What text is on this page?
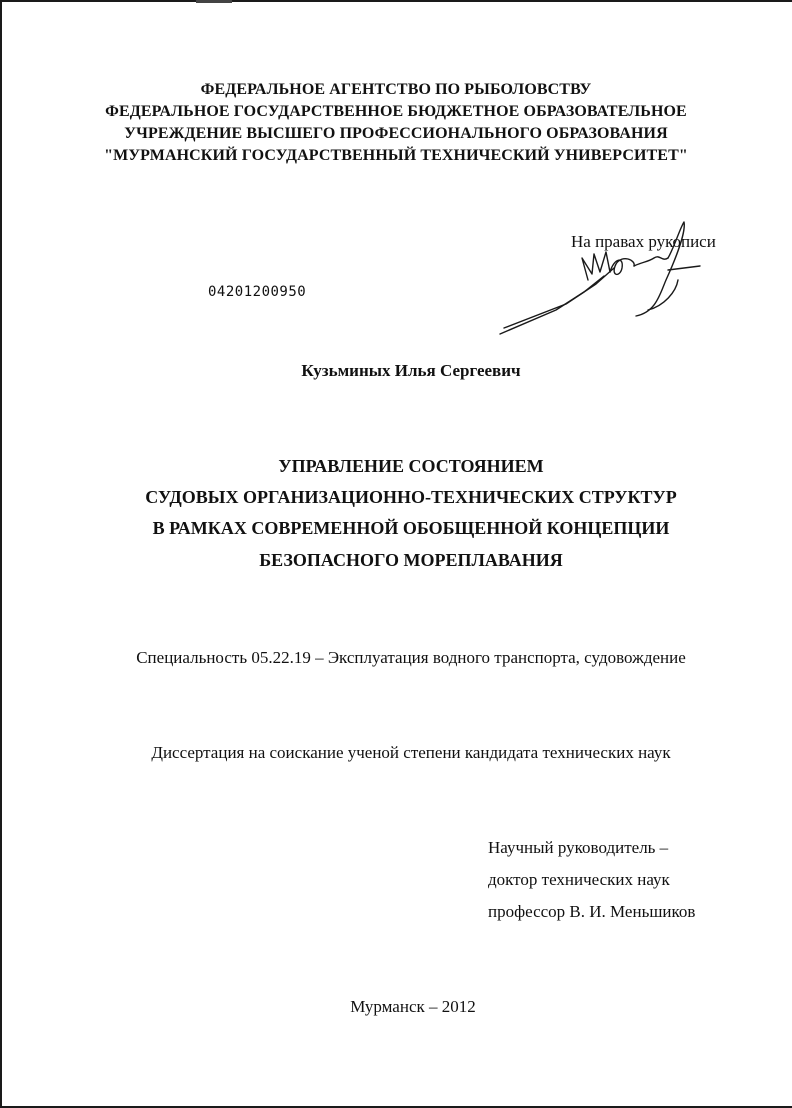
ФЕДЕРАЛЬНОЕ АГЕНТСТВО ПО РЫБОЛОВСТВУ
ФЕДЕРАЛЬНОЕ ГОСУДАРСТВЕННОЕ БЮДЖЕТНОЕ ОБРАЗОВАТЕЛЬНОЕ
УЧРЕЖДЕНИЕ ВЫСШЕГО ПРОФЕССИОНАЛЬНОГО ОБРАЗОВАНИЯ
"МУРМАНСКИЙ ГОСУДАРСТВЕННЫЙ ТЕХНИЧЕСКИЙ УНИВЕРСИТЕТ"
На правах рукописи
04201200950
Кузьминых Илья Сергеевич
УПРАВЛЕНИЕ СОСТОЯНИЕМ
СУДОВЫХ ОРГАНИЗАЦИОННО-ТЕХНИЧЕСКИХ СТРУКТУР
В РАМКАХ СОВРЕМЕННОЙ ОБОБЩЕННОЙ КОНЦЕПЦИИ
БЕЗОПАСНОГО МОРЕПЛАВАНИЯ
Специальность 05.22.19 – Эксплуатация водного транспорта, судовождение
Диссертация на соискание ученой степени кандидата технических наук
Научный руководитель –
доктор технических наук
профессор В. И. Меньшиков
Мурманск – 2012
